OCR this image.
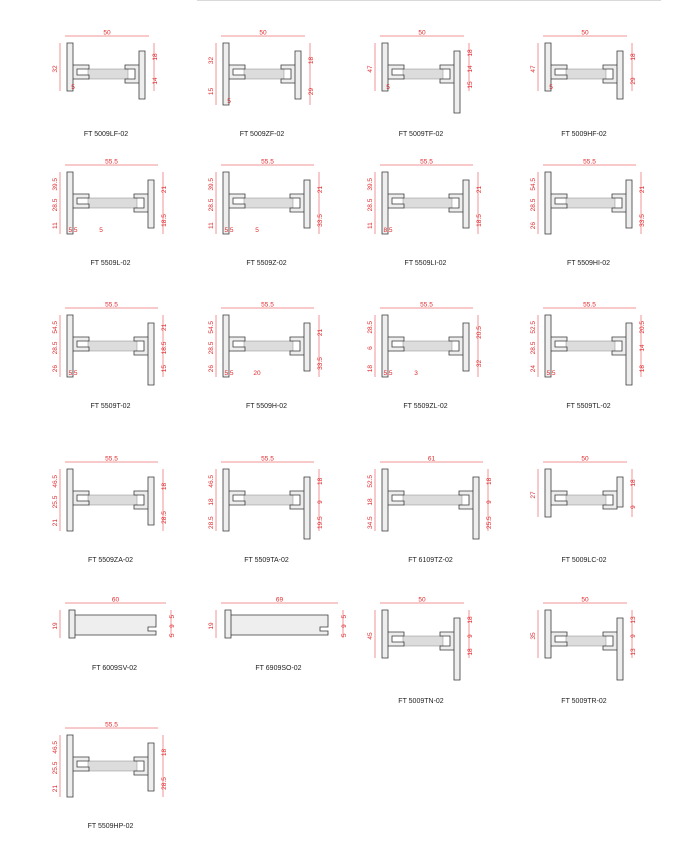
50
32
18
14
5
FT 5009LF-02
50
32
15
18
29
5
FT 5009ZF-02
50
47
18
14
15
5
FT 5009TF-02
50
47
18
29
5
FT 5009HF-02
55.5
39.5
28.5
11
21
18.5
5.5	5
FT 5509L-02
55.5
39.5
28.5
11
21
33.5
5.5	5
FT 5509Z-02
55.5
39.5
28.5
11
21
18.5
8.5
FT 5509LI-02
55.5
54.5
28.5
26
21
33.5
FT 5509HI-02
55.5
54.5
28.5
26
21
18.5
15
5.5
FT 5509T-02
55.5
54.5
28.5
26
21
33.5
5.5	20
FT 5509H-02
55.5
28.5
6
18
20.5
32
5.5	3
FT 5509ZL-02
55.5
52.5
28.5
24
20.5
14
18
5.5
FT 5509TL-02
55.5
46.5
25.5
21
18
28.5
FT 5509ZA-02
55.5
46.5
18
28.5
18
9
19.5
FT 5509TA-02
61
52.5
18
34.5
18
9
25.5
FT 6109TZ-02
50
27
18
9
FT 5009LC-02
60
19
5
9
5
FT 6009SV-02
69
19
5
9
5
FT 6909SO-02
50
45
18
9
18
FT 5009TN-02
50
35
13
9
13
FT 5009TR-02
55.5
46.5
25.5
21
18
28.5
FT 5509HP-02
